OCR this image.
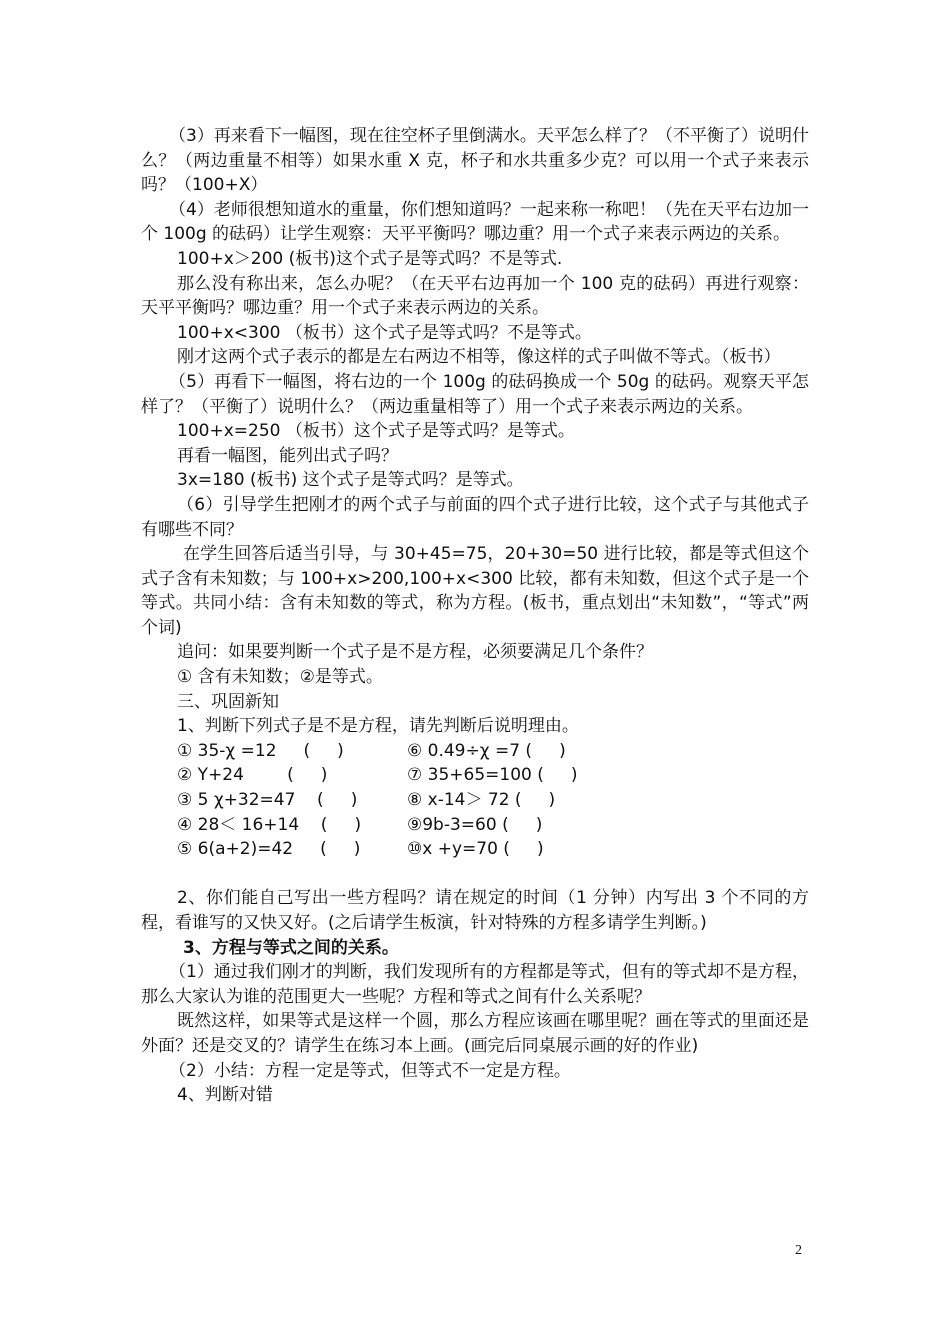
（3）再来看下一幅图，现在往空杯子里倒满水。天平怎么样了？（不平衡了）说明什么？（两边重量不相等）如果水重 X 克，杯子和水共重多少克？可以用一个式子来表示吗？（100+X）

（4）老师很想知道水的重量，你们想知道吗？一起来称一称吧！（先在天平右边加一个 100g 的砝码）让学生观察：天平平衡吗？哪边重？用一个式子来表示两边的关系。

100+x＞200 (板书)这个式子是等式吗？不是等式.

那么没有称出来，怎么办呢？（在天平右边再加一个 100 克的砝码）再进行观察：天平平衡吗？哪边重？用一个式子来表示两边的关系。

100+x<300 （板书）这个式子是等式吗？不是等式。

刚才这两个式子表示的都是左右两边不相等，像这样的式子叫做不等式。（板书）

（5）再看下一幅图，将右边的一个 100g 的砝码换成一个 50g 的砝码。观察天平怎样了？（平衡了）说明什么？（两边重量相等了）用一个式子来表示两边的关系。

100+x=250 （板书）这个式子是等式吗？是等式。

再看一幅图，能列出式子吗？

3x=180 (板书) 这个式子是等式吗？是等式。

（6）引导学生把刚才的两个式子与前面的四个式子进行比较，这个式子与其他式子有哪些不同？

在学生回答后适当引导，与 30+45=75，20+30=50 进行比较，都是等式但这个式子含有未知数；与 100+x>200,100+x<300 比较，都有未知数，但这个式子是一个等式。共同小结：含有未知数的等式，称为方程。(板书，重点划出“未知数”，“等式”两个词)

追问：如果要判断一个式子是不是方程，必须要满足几个条件？

① 含有未知数；②是等式。

三、巩固新知

1、判断下列式子是不是方程，请先判断后说明理由。

① 35-χ =12     (     )	⑥ 0.49÷χ =7 (     )
② Y+24        (     )	⑦ 35+65=100 (     )
③ 5 χ+32=47    (     )	⑧ x-14＞ 72 (     )
④ 28＜ 16+14    (     )	⑨9b-3=60 (     )
⑤ 6(a+2)=42     (     )	⑩x +y=70 (     )

2、你们能自己写出一些方程吗？请在规定的时间（1 分钟）内写出 3 个不同的方程，看谁写的又快又好。(之后请学生板演，针对特殊的方程多请学生判断。)

3、方程与等式之间的关系。

（1）通过我们刚才的判断，我们发现所有的方程都是等式，但有的等式却不是方程，那么大家认为谁的范围更大一些呢？方程和等式之间有什么关系呢？

既然这样，如果等式是这样一个圆，那么方程应该画在哪里呢？画在等式的里面还是外面？还是交叉的？请学生在练习本上画。(画完后同桌展示画的好的作业)

（2）小结：方程一定是等式，但等式不一定是方程。

4、判断对错

2
